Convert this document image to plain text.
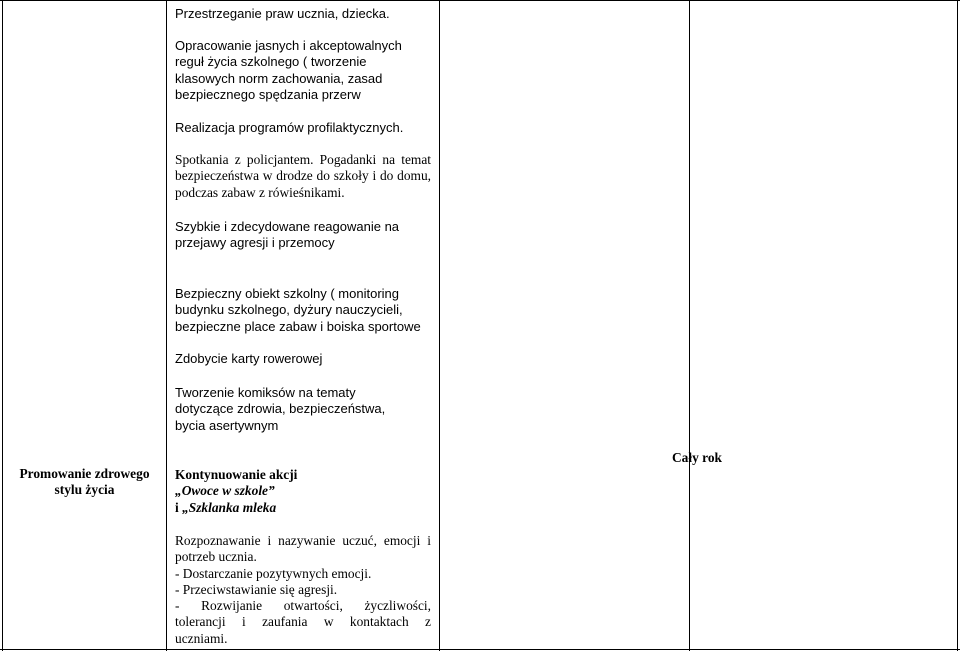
Promowanie zdrowego
stylu życia
Przestrzeganie praw ucznia, dziecka.
Opracowanie jasnych i akceptowalnych reguł życia szkolnego ( tworzenie klasowych norm zachowania, zasad bezpiecznego spędzania przerw
Realizacja programów profilaktycznych.
Spotkania z policjantem. Pogadanki na temat bezpieczeństwa w drodze do szkoły i do domu, podczas zabaw z rówieśnikami.
Szybkie i zdecydowane reagowanie na przejawy agresji i przemocy
Bezpieczny obiekt szkolny ( monitoring budynku szkolnego, dyżury nauczycieli, bezpieczne place zabaw i boiska sportowe
Zdobycie karty rowerowej
Tworzenie komiksów na tematy dotyczące zdrowia, bezpieczeństwa, bycia asertywnym
Kontynuowanie akcji
„Owoce w szkole”
i „Szklanka mleka
Rozpoznawanie i nazywanie uczuć, emocji i potrzeb ucznia.
- Dostarczanie pozytywnych emocji.
- Przeciwstawianie się agresji.
- Rozwijanie otwartości, życzliwości, tolerancji i zaufania w kontaktach z uczniami.
Cały rok
